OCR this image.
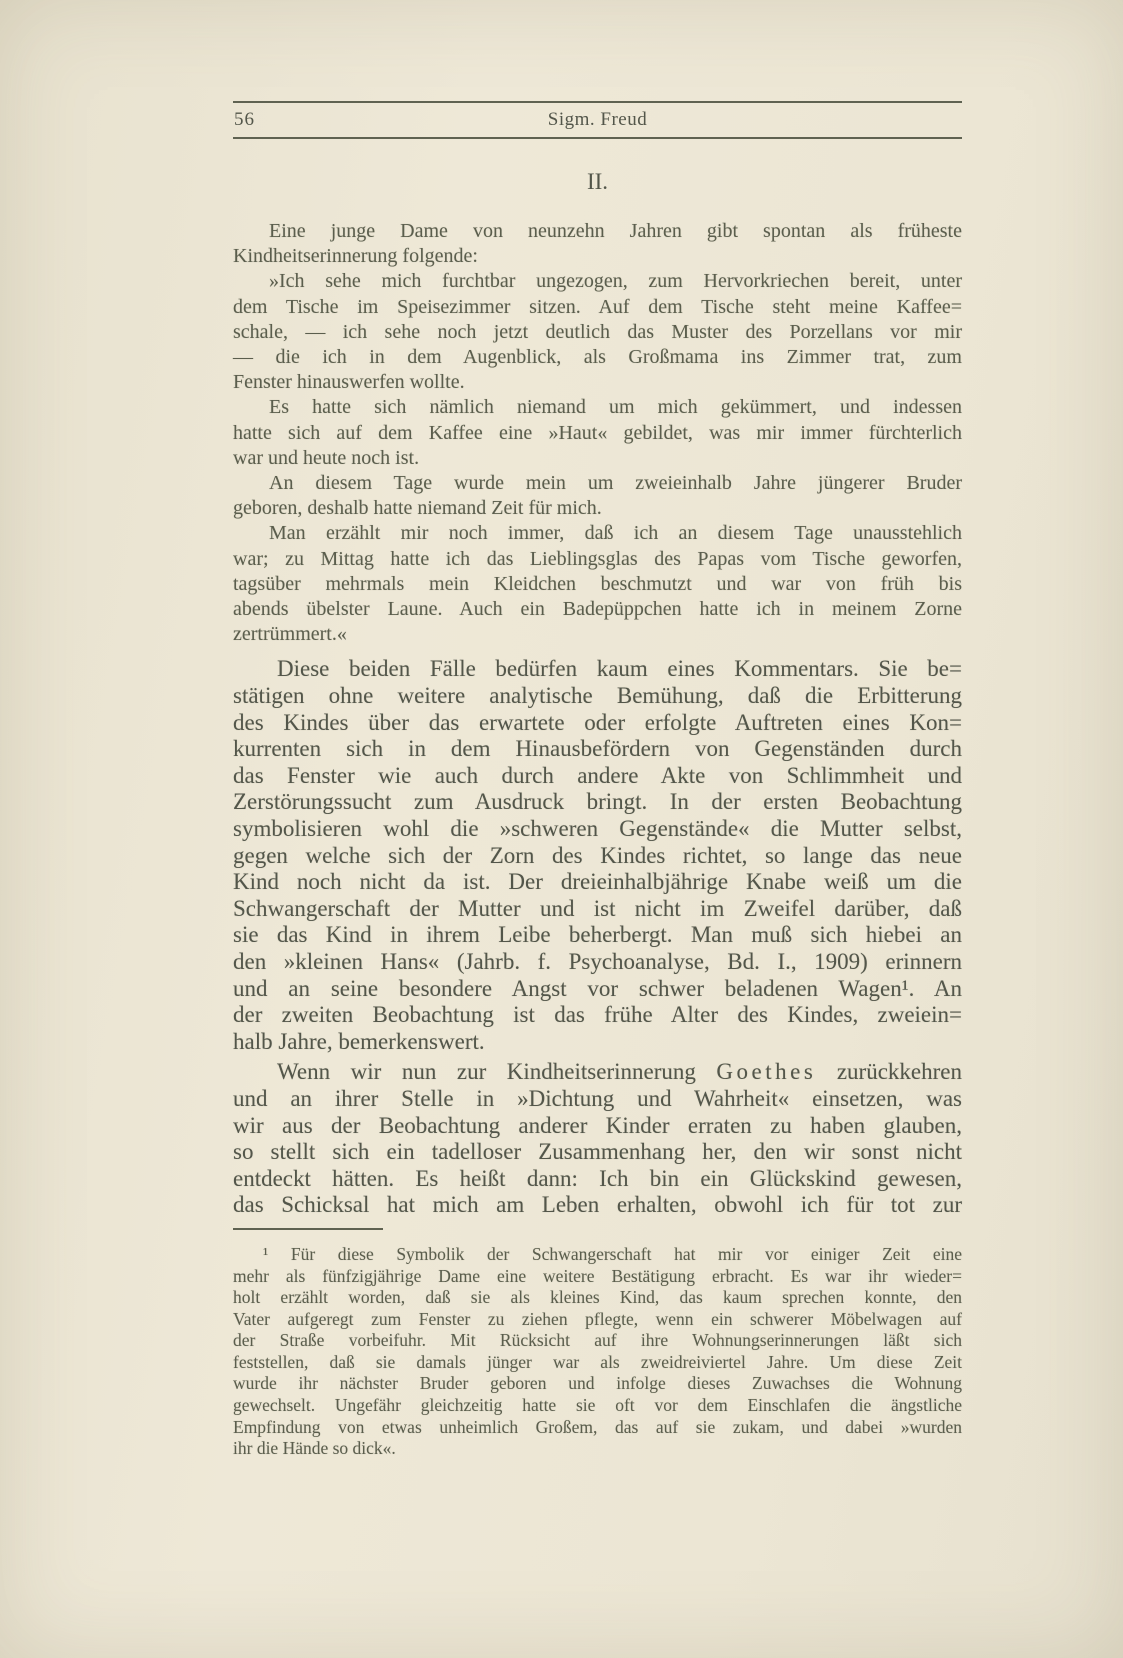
56	Sigm. Freud
II.
Eine junge Dame von neunzehn Jahren gibt spontan als früheste
Kindheitserinnerung folgende:
»Ich sehe mich furchtbar ungezogen, zum Hervorkriechen bereit, unter
dem Tische im Speisezimmer sitzen. Auf dem Tische steht meine Kaffee=
schale, — ich sehe noch jetzt deutlich das Muster des Porzellans vor mir
— die ich in dem Augenblick, als Großmama ins Zimmer trat, zum
Fenster hinauswerfen wollte.
Es hatte sich nämlich niemand um mich gekümmert, und indessen
hatte sich auf dem Kaffee eine »Haut« gebildet, was mir immer fürchterlich
war und heute noch ist.
An diesem Tage wurde mein um zweieinhalb Jahre jüngerer Bruder
geboren, deshalb hatte niemand Zeit für mich.
Man erzählt mir noch immer, daß ich an diesem Tage unausstehlich
war; zu Mittag hatte ich das Lieblingsglas des Papas vom Tische geworfen,
tagsüber mehrmals mein Kleidchen beschmutzt und war von früh bis
abends übelster Laune. Auch ein Badepüppchen hatte ich in meinem Zorne
zertrümmert.«
Diese beiden Fälle bedürfen kaum eines Kommentars. Sie be=
stätigen ohne weitere analytische Bemühung, daß die Erbitterung
des Kindes über das erwartete oder erfolgte Auftreten eines Kon=
kurrenten sich in dem Hinausbefördern von Gegenständen durch
das Fenster wie auch durch andere Akte von Schlimmheit und
Zerstörungssucht zum Ausdruck bringt. In der ersten Beobachtung
symbolisieren wohl die »schweren Gegenstände« die Mutter selbst,
gegen welche sich der Zorn des Kindes richtet, so lange das neue
Kind noch nicht da ist. Der dreieinhalbjährige Knabe weiß um die
Schwangerschaft der Mutter und ist nicht im Zweifel darüber, daß
sie das Kind in ihrem Leibe beherbergt. Man muß sich hiebei an
den »kleinen Hans« (Jahrb. f. Psychoanalyse, Bd. I., 1909) erinnern
und an seine besondere Angst vor schwer beladenen Wagen¹. An
der zweiten Beobachtung ist das frühe Alter des Kindes, zweiein=
halb Jahre, bemerkenswert.
Wenn wir nun zur Kindheitserinnerung Goethes zurückkehren
und an ihrer Stelle in »Dichtung und Wahrheit« einsetzen, was
wir aus der Beobachtung anderer Kinder erraten zu haben glauben,
so stellt sich ein tadelloser Zusammenhang her, den wir sonst nicht
entdeckt hätten. Es heißt dann: Ich bin ein Glückskind gewesen,
das Schicksal hat mich am Leben erhalten, obwohl ich für tot zur
¹ Für diese Symbolik der Schwangerschaft hat mir vor einiger Zeit eine
mehr als fünfzigjährige Dame eine weitere Bestätigung erbracht. Es war ihr wieder=
holt erzählt worden, daß sie als kleines Kind, das kaum sprechen konnte, den
Vater aufgeregt zum Fenster zu ziehen pflegte, wenn ein schwerer Möbelwagen auf
der Straße vorbeifuhr. Mit Rücksicht auf ihre Wohnungserinnerungen läßt sich
feststellen, daß sie damals jünger war als zweidreiviertel Jahre. Um diese Zeit
wurde ihr nächster Bruder geboren und infolge dieses Zuwachses die Wohnung
gewechselt. Ungefähr gleichzeitig hatte sie oft vor dem Einschlafen die ängstliche
Empfindung von etwas unheimlich Großem, das auf sie zukam, und dabei »wurden
ihr die Hände so dick«.
